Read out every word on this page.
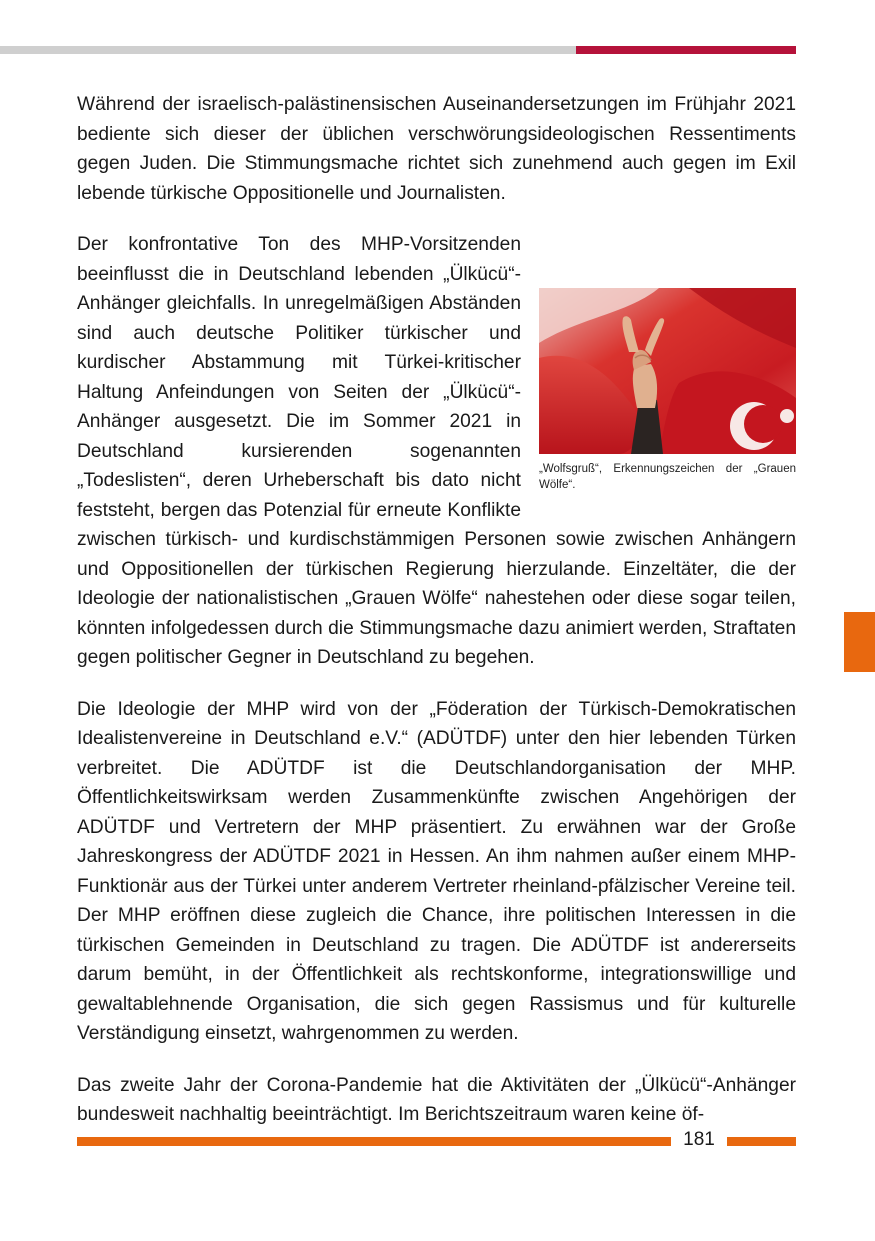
Während der israelisch-palästinensischen Auseinandersetzungen im Frühjahr 2021 bediente sich dieser der üblichen verschwörungsideologischen Ressentiments gegen Juden. Die Stimmungsmache richtet sich zunehmend auch gegen im Exil lebende türkische Oppositionelle und Journalisten.

„Wolfsgruß“, Erkennungszeichen der „Grauen Wölfe“.

Der konfrontative Ton des MHP-Vorsitzenden beeinflusst die in Deutschland lebenden „Ülkücü“-Anhänger gleichfalls. In unregelmäßigen Abständen sind auch deutsche Politiker türkischer und kurdischer Abstammung mit Türkei-kritischer Haltung Anfeindungen von Seiten der „Ülkücü“-Anhänger ausgesetzt. Die im Sommer 2021 in Deutschland kursierenden sogenannten „Todeslisten“, deren Urheberschaft bis dato nicht feststeht, bergen das Potenzial für erneute Konflikte zwischen türkisch- und kurdischstämmigen Personen sowie zwischen Anhängern und Oppositionellen der türkischen Regierung hierzulande. Einzeltäter, die der Ideologie der nationalistischen „Grauen Wölfe“ nahestehen oder diese sogar teilen, könnten infolgedessen durch die Stimmungsmache dazu animiert werden, Straftaten gegen politischer Gegner in Deutschland zu begehen.

Die Ideologie der MHP wird von der „Föderation der Türkisch-Demokratischen Idealistenvereine in Deutschland e.V.“ (ADÜTDF) unter den hier lebenden Türken verbreitet. Die ADÜTDF ist die Deutschlandorganisation der MHP. Öffentlichkeitswirksam werden Zusammenkünfte zwischen Angehörigen der ADÜTDF und Vertretern der MHP präsentiert. Zu erwähnen war der Große Jahreskongress der ADÜTDF 2021 in Hessen. An ihm nahmen außer einem MHP-Funktionär aus der Türkei unter anderem Vertreter rheinland-pfälzischer Vereine teil. Der MHP eröffnen diese zugleich die Chance, ihre politischen Interessen in die türkischen Gemeinden in Deutschland zu tragen. Die ADÜTDF ist andererseits darum bemüht, in der Öffentlichkeit als rechtskonforme, integrationswillige und gewaltablehnende Organisation, die sich gegen Rassismus und für kulturelle Verständigung einsetzt, wahrgenommen zu werden.

Das zweite Jahr der Corona-Pandemie hat die Aktivitäten der „Ülkücü“-Anhänger bundesweit nachhaltig beeinträchtigt. Im Berichtszeitraum waren keine öf-

181
